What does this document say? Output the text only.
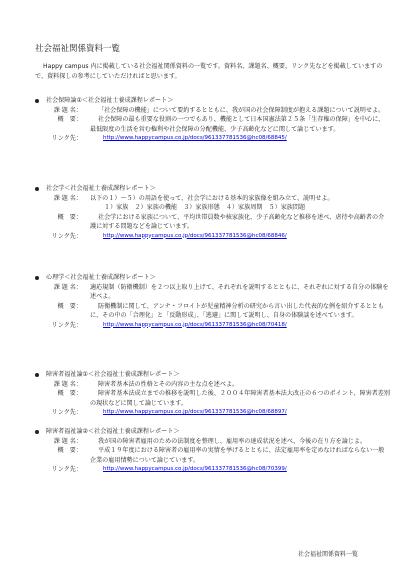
社会福祉関係資料一覧
Happy campus 内に掲載している社会福祉関係資料の一覧です。資料名、課題名、概要、リンク先などを掲載していますので、資料探しの参考にしていただければと思います。
社会保障論①＜社会福祉士養成課程レポート＞
課 題 名：	「社会保障の機能」について要約するとともに、我が国の社会保障制度が抱える課題について説明せよ。
概　要：	社会保障の最も重要な役割の一つでもあり、機能として日本国憲法第２５条「生存権の保障」を中心に、最低限度の生活を営む権利や社会保障の分配機能、少子高齢化などに関して論じています。
リンク先：	http://www.happycampus.co.jp/docs/961337781536@hc08/68845/
社会学＜社会福祉士養成課程レポート＞
課 題 名： 以下の１）～５）の用語を使って、社会学における基本的家族像を組み立て、説明せよ。
１）家族　２）家族の機能　３）家族形態　４）家族周期　５）家族問題
概　要：	社会学における家族について、平均世帯員数や核家族化、少子高齢化など推移を述べ、虐待や高齢者の介護に対する問題などを論じています。
リンク先：	http://www.happycampus.co.jp/docs/961337781536@hc08/68846/
心理学＜社会福祉士養成課程レポート＞
課 題 名： 適応規制（防衛機制）を２つ以上取り上げて、それぞれを説明するとともに、それぞれに対する自分の体験を述べよ。
概　要：	防衛機制に関して、アンナ・フロイトが児童精神分析の研究から言い出した代表的な例を紹介するとともに、その中の「合理化」と「反動形成」、「逃避」に関して説明し、自身の体験談を述べています。
リンク先：	http://www.happycampus.co.jp/docs/961337781536@hc08/70418/
障害者福祉論①＜社会福祉士養成課程レポート＞
課 題 名：	障害者基本法の性格とその内容の主な点を述べよ。
概　要：	障害者基本法成立までの推移を説明した後、２００４年障害者基本法大改正の６つのポイント、障害者差別の現状などに関して論じています。
リンク先：	http://www.happycampus.co.jp/docs/961337781536@hc08/68897/
障害者福祉論②＜社会福祉士養成課程レポート＞
課 題 名：	我が国の障害者雇用のための法制度を整理し、雇用率の達成状況を述べ、今後の在り方を論じよ。
概　要：	平成１９年度における障害者の雇用率の実情を挙げるとともに、法定雇用率を定めなければならない一般企業の雇用情勢について論じています。
リンク先：	http://www.happycampus.co.jp/docs/961337781536@hc08/70399/
社会福祉関係資料一覧
